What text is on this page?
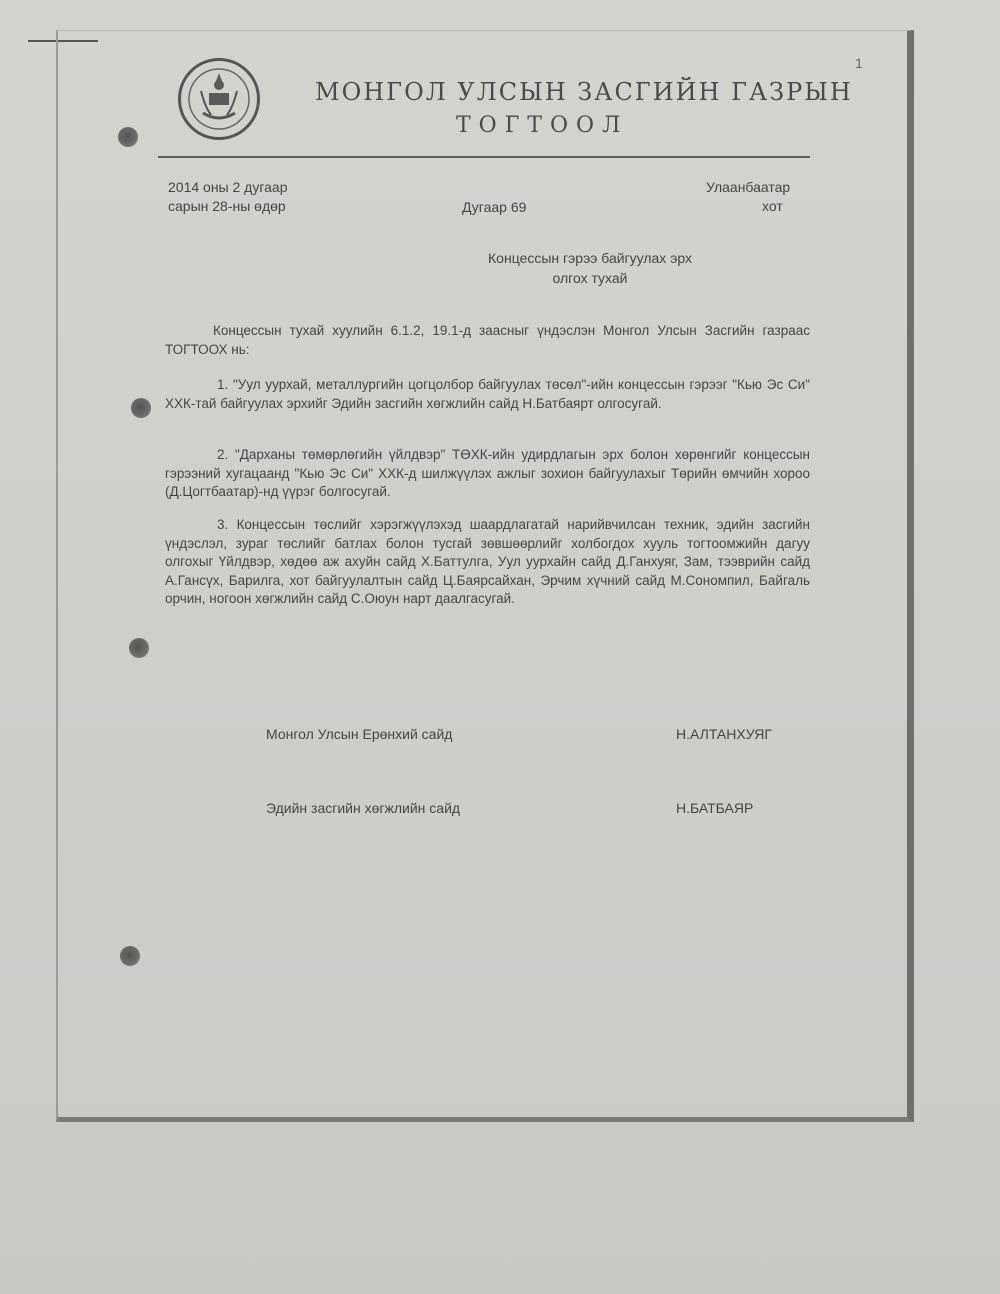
1
МОНГОЛ УЛСЫН ЗАСГИЙН ГАЗРЫН
ТОГТООЛ
2014 оны 2 дугаар
сарын 28-ны өдөр	Дугаар 69
Улаанбаатар
хот
Концессын гэрээ байгуулах эрх
олгох тухай
Концессын тухай хуулийн 6.1.2, 19.1-д заасныг үндэслэн Монгол Улсын Засгийн газраас ТОГТООХ нь:
1. "Уул уурхай, металлургийн цогцолбор байгуулах төсөл"-ийн концессын гэрээг "Кью Эс Си" ХХК-тай байгуулах эрхийг Эдийн засгийн хөгжлийн сайд Н.Батбаярт олгосугай.
2. "Дарханы төмөрлөгийн үйлдвэр" ТӨХК-ийн удирдлагын эрх болон хөрөнгийг концессын гэрээний хугацаанд "Кью Эс Си" ХХК-д шилжүүлэх ажлыг зохион байгуулахыг Төрийн өмчийн хороо (Д.Цогтбаатар)-нд үүрэг болгосугай.
3. Концессын төслийг хэрэгжүүлэхэд шаардлагатай нарийвчилсан техник, эдийн засгийн үндэслэл, зураг төслийг батлах болон тусгай зөвшөөрлийг холбогдох хууль тогтоомжийн дагуу олгохыг Үйлдвэр, хөдөө аж ахуйн сайд Х.Баттулга, Уул уурхайн сайд Д.Ганхуяг, Зам, тээврийн сайд А.Гансүх, Барилга, хот байгуулалтын сайд Ц.Баярсайхан, Эрчим хүчний сайд М.Сономпил, Байгаль орчин, ногоон хөгжлийн сайд С.Оюун нарт даалгасугай.
Монгол Улсын Ерөнхий сайд	Н.АЛТАНХУЯГ
Эдийн засгийн хөгжлийн сайд	Н.БАТБАЯР
